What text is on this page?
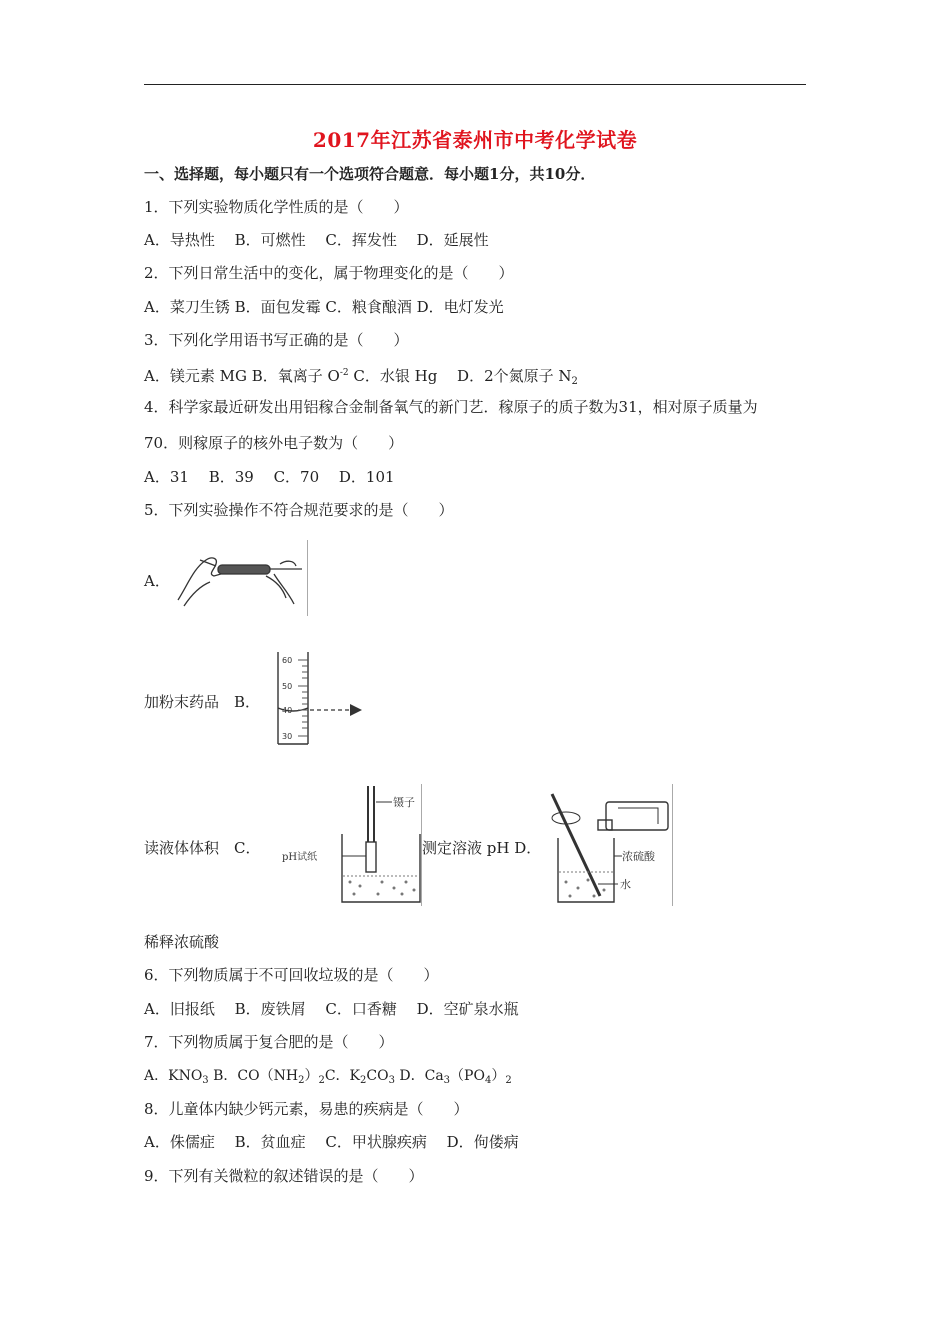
2017年江苏省泰州市中考化学试卷
一、选择题，每小题只有一个选项符合题意．每小题1分，共10分．
1．下列实验物质化学性质的是（　　）
A．导热性　 B．可燃性　 C．挥发性　 D．延展性
2．下列日常生活中的变化，属于物理变化的是（　　）
A．菜刀生锈 B．面包发霉 C．粮食酿酒 D．电灯发光
3．下列化学用语书写正确的是（　　）
A．镁元素 MG B．氧离子 $O^{-2}$ C．水银 Hg　 D．2个氮原子 $N_2$
4．科学家最近研发出用铝稼合金制备氧气的新门艺．稼原子的质子数为31，相对原子质量为
70．则稼原子的核外电子数为（　　）
A．31　 B．39　 C．70　 D．101
5．下列实验操作不符合规范要求的是（　　）
A．
加粉末药品　B．
60
50
40
30
读液体体积　C．
镊子
pH试纸
测定溶液 pH D．	浓硫酸
水
稀释浓硫酸
6．下列物质属于不可回收垃圾的是（　　）
A．旧报纸　 B．废铁屑　 C．口香糖　 D．空矿泉水瓶
7．下列物质属于复合肥的是（　　）
A．$KNO_3$ B．$CO(NH_2)_2C$．$K_2CO_3$ D．$Ca_3(PO_4)_2$
8．儿童体内缺少钙元素，易患的疾病是（　　）
A．侏儒症　 B．贫血症　 C．甲状腺疾病　 D．佝偻病
9．下列有关微粒的叙述错误的是（　　）
